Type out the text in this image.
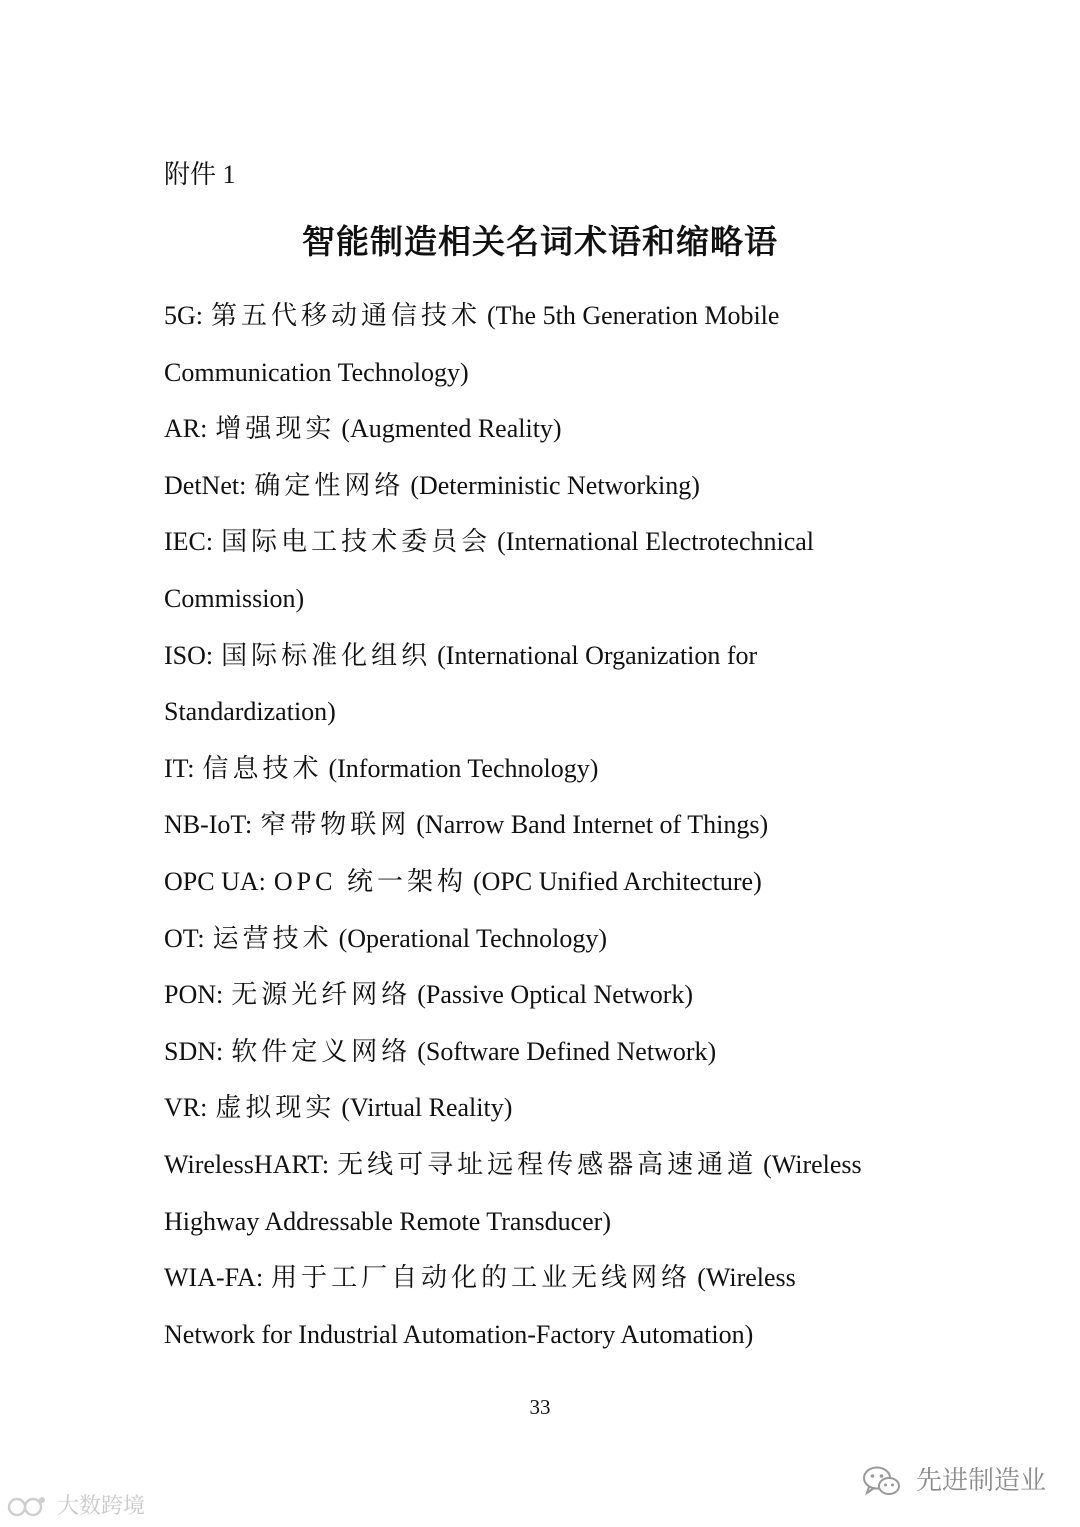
附件 1
智能制造相关名词术语和缩略语
5G: 第五代移动通信技术 (The 5th Generation Mobile
Communication Technology)
AR: 增强现实 (Augmented Reality)
DetNet: 确定性网络 (Deterministic Networking)
IEC: 国际电工技术委员会 (International Electrotechnical
Commission)
ISO: 国际标准化组织 (International Organization for
Standardization)
IT: 信息技术 (Information Technology)
NB-IoT: 窄带物联网 (Narrow Band Internet of Things)
OPC UA: OPC 统一架构 (OPC Unified Architecture)
OT: 运营技术 (Operational Technology)
PON: 无源光纤网络 (Passive Optical Network)
SDN: 软件定义网络 (Software Defined Network)
VR: 虚拟现实 (Virtual Reality)
WirelessHART: 无线可寻址远程传感器高速通道 (Wireless
Highway Addressable Remote Transducer)
WIA-FA: 用于工厂自动化的工业无线网络 (Wireless
Network for Industrial Automation-Factory Automation)
33
大数跨境
先进制造业
